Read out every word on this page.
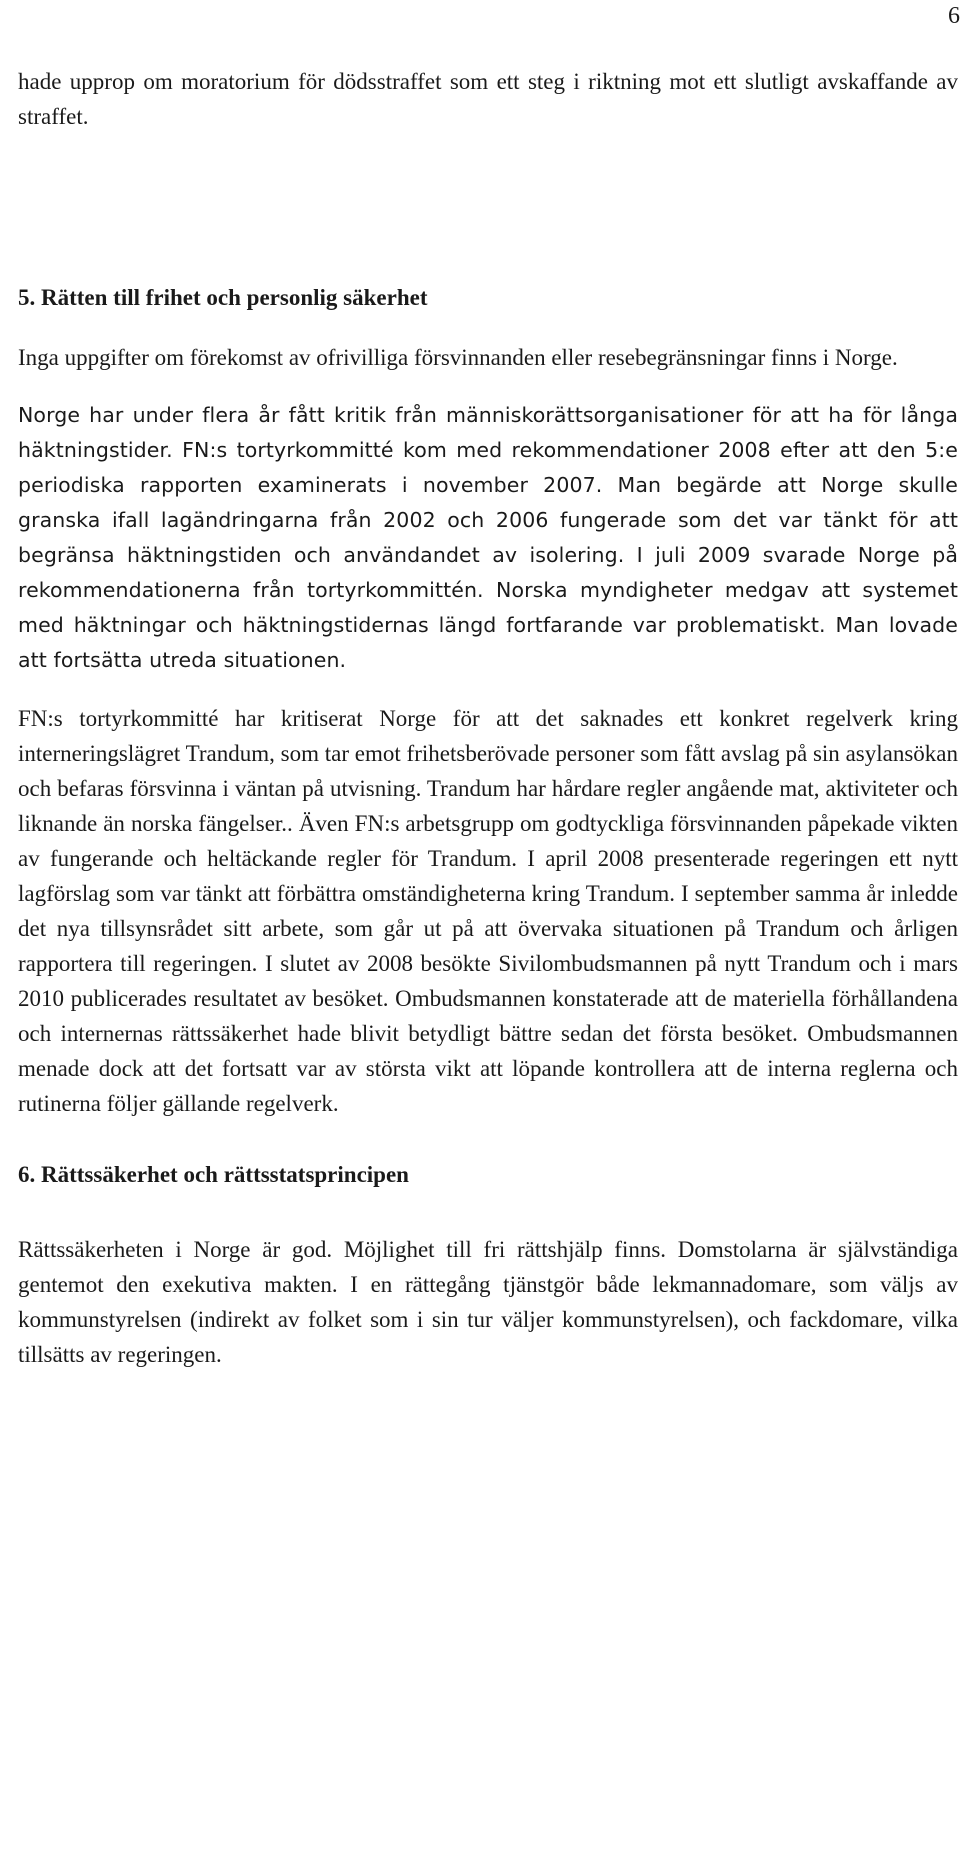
6

hade upprop om moratorium för dödsstraffet som ett steg i riktning mot ett slutligt avskaffande av straffet.

5. Rätten till frihet och personlig säkerhet

Inga uppgifter om förekomst av ofrivilliga försvinnanden eller resebegränsningar finns i Norge.

Norge har under flera år fått kritik från människorättsorganisationer för att ha för långa häktningstider. FN:s tortyrkommitté kom med rekommendationer 2008 efter att den 5:e periodiska rapporten examinerats i november 2007. Man begärde att Norge skulle granska ifall lagändringarna från 2002 och 2006 fungerade som det var tänkt för att begränsa häktningstiden och användandet av isolering. I juli 2009 svarade Norge på rekommendationerna från tortyrkommittén. Norska myndigheter medgav att systemet med häktningar och häktningstidernas längd fortfarande var problematiskt. Man lovade att fortsätta utreda situationen.

FN:s tortyrkommitté har kritiserat Norge för att det saknades ett konkret regelverk kring interneringslägret Trandum, som tar emot frihetsberövade personer som fått avslag på sin asylansökan och befaras försvinna i väntan på utvisning. Trandum har hårdare regler angående mat, aktiviteter och liknande än norska fängelser.. Även FN:s arbetsgrupp om godtyckliga försvinnanden påpekade vikten av fungerande och heltäckande regler för Trandum. I april 2008 presenterade regeringen ett nytt lagförslag som var tänkt att förbättra omständigheterna kring Trandum. I september samma år inledde det nya tillsynsrådet sitt arbete, som går ut på att övervaka situationen på Trandum och årligen rapportera till regeringen. I slutet av 2008 besökte Sivilombudsmannen på nytt Trandum och i mars 2010 publicerades resultatet av besöket. Ombudsmannen konstaterade att de materiella förhållandena och internernas rättssäkerhet hade blivit betydligt bättre sedan det första besöket. Ombudsmannen menade dock att det fortsatt var av största vikt att löpande kontrollera att de interna reglerna och rutinerna följer gällande regelverk.

6. Rättssäkerhet och rättsstatsprincipen

Rättssäkerheten i Norge är god. Möjlighet till fri rättshjälp finns. Domstolarna är självständiga gentemot den exekutiva makten. I en rättegång tjänstgör både lekmannadomare, som väljs av kommunstyrelsen (indirekt av folket som i sin tur väljer kommunstyrelsen), och fackdomare, vilka tillsätts av regeringen.
